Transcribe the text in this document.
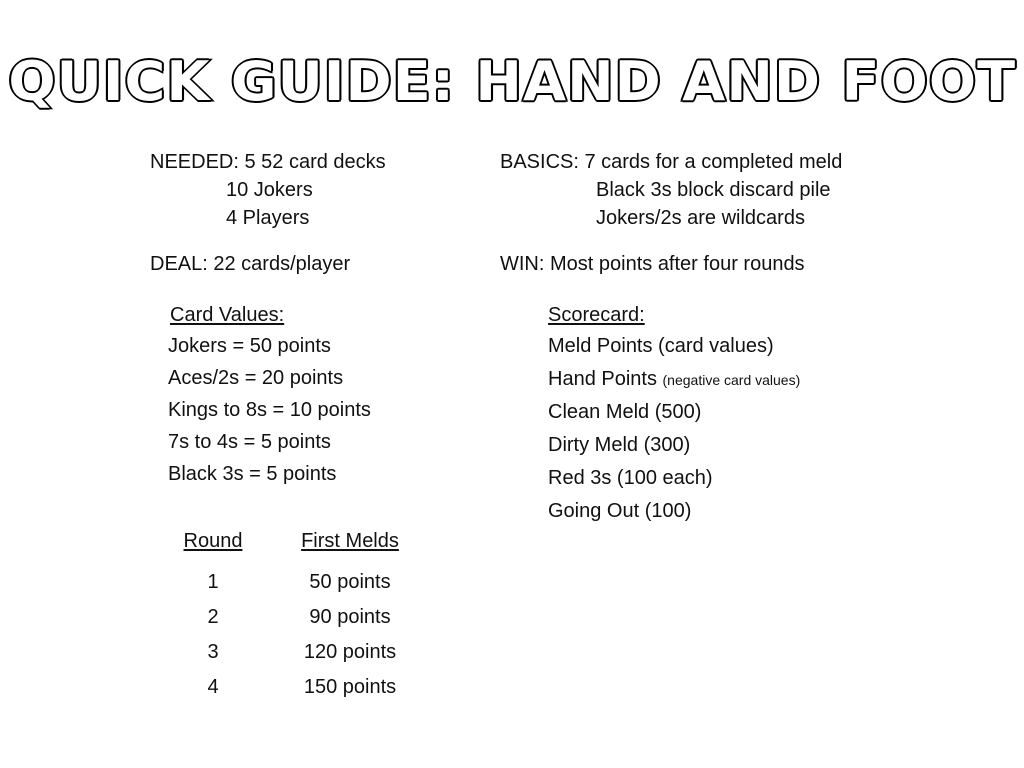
QUICK GUIDE: HAND AND FOOT
NEEDED: 5 52 card decks
10 Jokers
4 Players
DEAL: 22 cards/player
Card Values:
Jokers = 50 points
Aces/2s = 20 points
Kings to 8s = 10 points
7s to 4s = 5 points
Black 3s = 5 points
Round	First Melds
1	50 points
2	90 points
3	120 points
4	150 points
BASICS: 7 cards for a completed meld
Black 3s block discard pile
Jokers/2s are wildcards
WIN: Most points after four rounds
Scorecard:
Meld Points (card values)
Hand Points (negative card values)
Clean Meld (500)
Dirty Meld (300)
Red 3s (100 each)
Going Out (100)
